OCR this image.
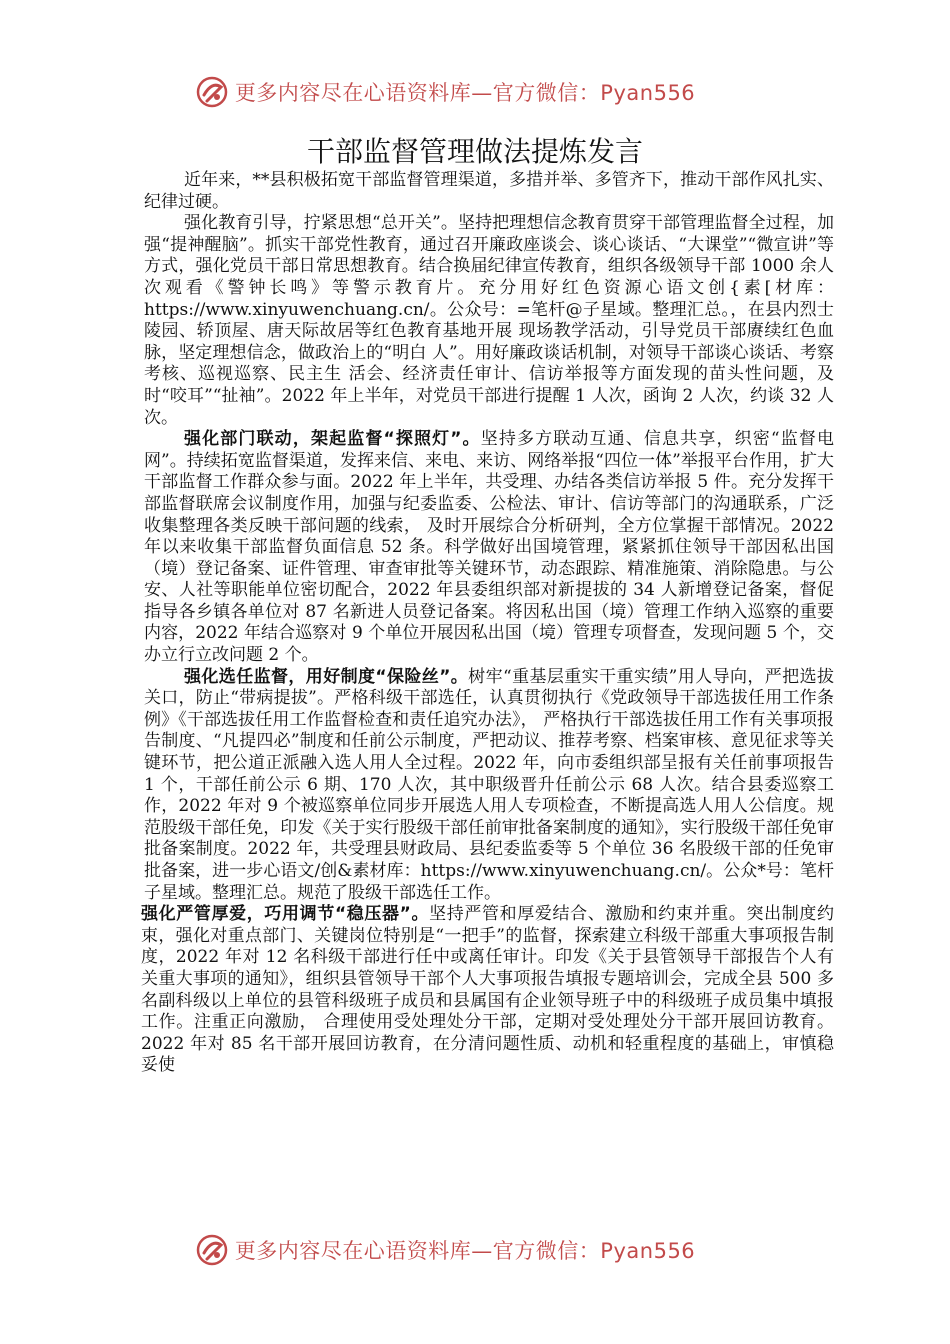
更多内容尽在心语资料库—官方微信：Pyan556
干部监督管理做法提炼发言

近年来，**县积极拓宽干部监督管理渠道，多措并举、多管齐下，推动干部作风扎实、纪律过硬。

强化教育引导，拧紧思想“总开关”。坚持把理想信念教育贯穿干部管理监督全过程，加强“提神醒脑”。抓实干部党性教育，通过召开廉政座谈会、谈心谈话、“大课堂”“微宣讲”等方式，强化党员干部日常思想教育。结合换届纪律宣传教育，组织各级领导干部 1000 余人次观看《警钟长鸣》等警示教育片。充分用好红色资源心语文创{素[材库：https://www.xinyuwenchuang.cn/。公众号：=笔杆@子星域。整理汇总。，在县内烈士陵园、轿顶屋、唐天际故居等红色教育基地开展 现场教学活动，引导党员干部赓续红色血脉，坚定理想信念，做政治上的“明白 人”。用好廉政谈话机制，对领导干部谈心谈话、考察考核、巡视巡察、民主生 活会、经济责任审计、信访举报等方面发现的苗头性问题，及时“咬耳”“扯袖”。2022 年上半年，对党员干部进行提醒 1 人次，函询 2 人次，约谈 32 人次。

强化部门联动，架起监督“探照灯”。坚持多方联动互通、信息共享，织密“监督电网”。持续拓宽监督渠道，发挥来信、来电、来访、网络举报“四位一体”举报平台作用，扩大干部监督工作群众参与面。2022 年上半年，共受理、办结各类信访举报 5 件。充分发挥干部监督联席会议制度作用，加强与纪委监委、公检法、审计、信访等部门的沟通联系，广泛收集整理各类反映干部问题的线索， 及时开展综合分析研判，全方位掌握干部情况。2022 年以来收集干部监督负面信息 52 条。科学做好出国境管理，紧紧抓住领导干部因私出国（境）登记备案、证件管理、审查审批等关键环节，动态跟踪、精准施策、消除隐患。与公安、人社等职能单位密切配合，2022 年县委组织部对新提拔的 34 人新增登记备案，督促指导各乡镇各单位对 87 名新进人员登记备案。将因私出国（境）管理工作纳入巡察的重要内容，2022 年结合巡察对 9 个单位开展因私出国（境）管理专项督查，发现问题 5 个，交办立行立改问题 2 个。

强化选任监督，用好制度“保险丝”。树牢“重基层重实干重实绩”用人导向，严把选拔关口，防止“带病提拔”。严格科级干部选任，认真贯彻执行《党政领导干部选拔任用工作条例》《干部选拔任用工作监督检查和责任追究办法》， 严格执行干部选拔任用工作有关事项报告制度、“凡提四必”制度和任前公示制度，严把动议、推荐考察、档案审核、意见征求等关键环节，把公道正派融入选人用人全过程。2022 年，向市委组织部呈报有关任前事项报告 1 个，干部任前公示 6 期、170 人次，其中职级晋升任前公示 68 人次。结合县委巡察工作，2022 年对 9 个被巡察单位同步开展选人用人专项检查，不断提高选人用人公信度。规范股级干部任免，印发《关于实行股级干部任前审批备案制度的通知》，实行股级干部任免审批备案制度。2022 年，共受理县财政局、县纪委监委等 5 个单位 36 名股级干部的任免审批备案，进一步心语文/创&素材库：https://www.xinyuwenchuang.cn/。公众*号：笔杆子星域。整理汇总。规范了股级干部选任工作。

强化严管厚爱，巧用调节“稳压器”。坚持严管和厚爱结合、激励和约束并重。突出制度约束，强化对重点部门、关键岗位特别是“一把手”的监督，探索建立科级干部重大事项报告制度，2022 年对 12 名科级干部进行任中或离任审计。印发《关于县管领导干部报告个人有关重大事项的通知》，组织县管领导干部个人大事项报告填报专题培训会，完成全县 500 多名副科级以上单位的县管科级班子成员和县属国有企业领导班子中的科级班子成员集中填报工作。注重正向激励， 合理使用受处理处分干部，定期对受处理处分干部开展回访教育。2022 年对 85 名干部开展回访教育，在分清问题性质、动机和轻重程度的基础上，审慎稳妥使

更多内容尽在心语资料库—官方微信：Pyan556
